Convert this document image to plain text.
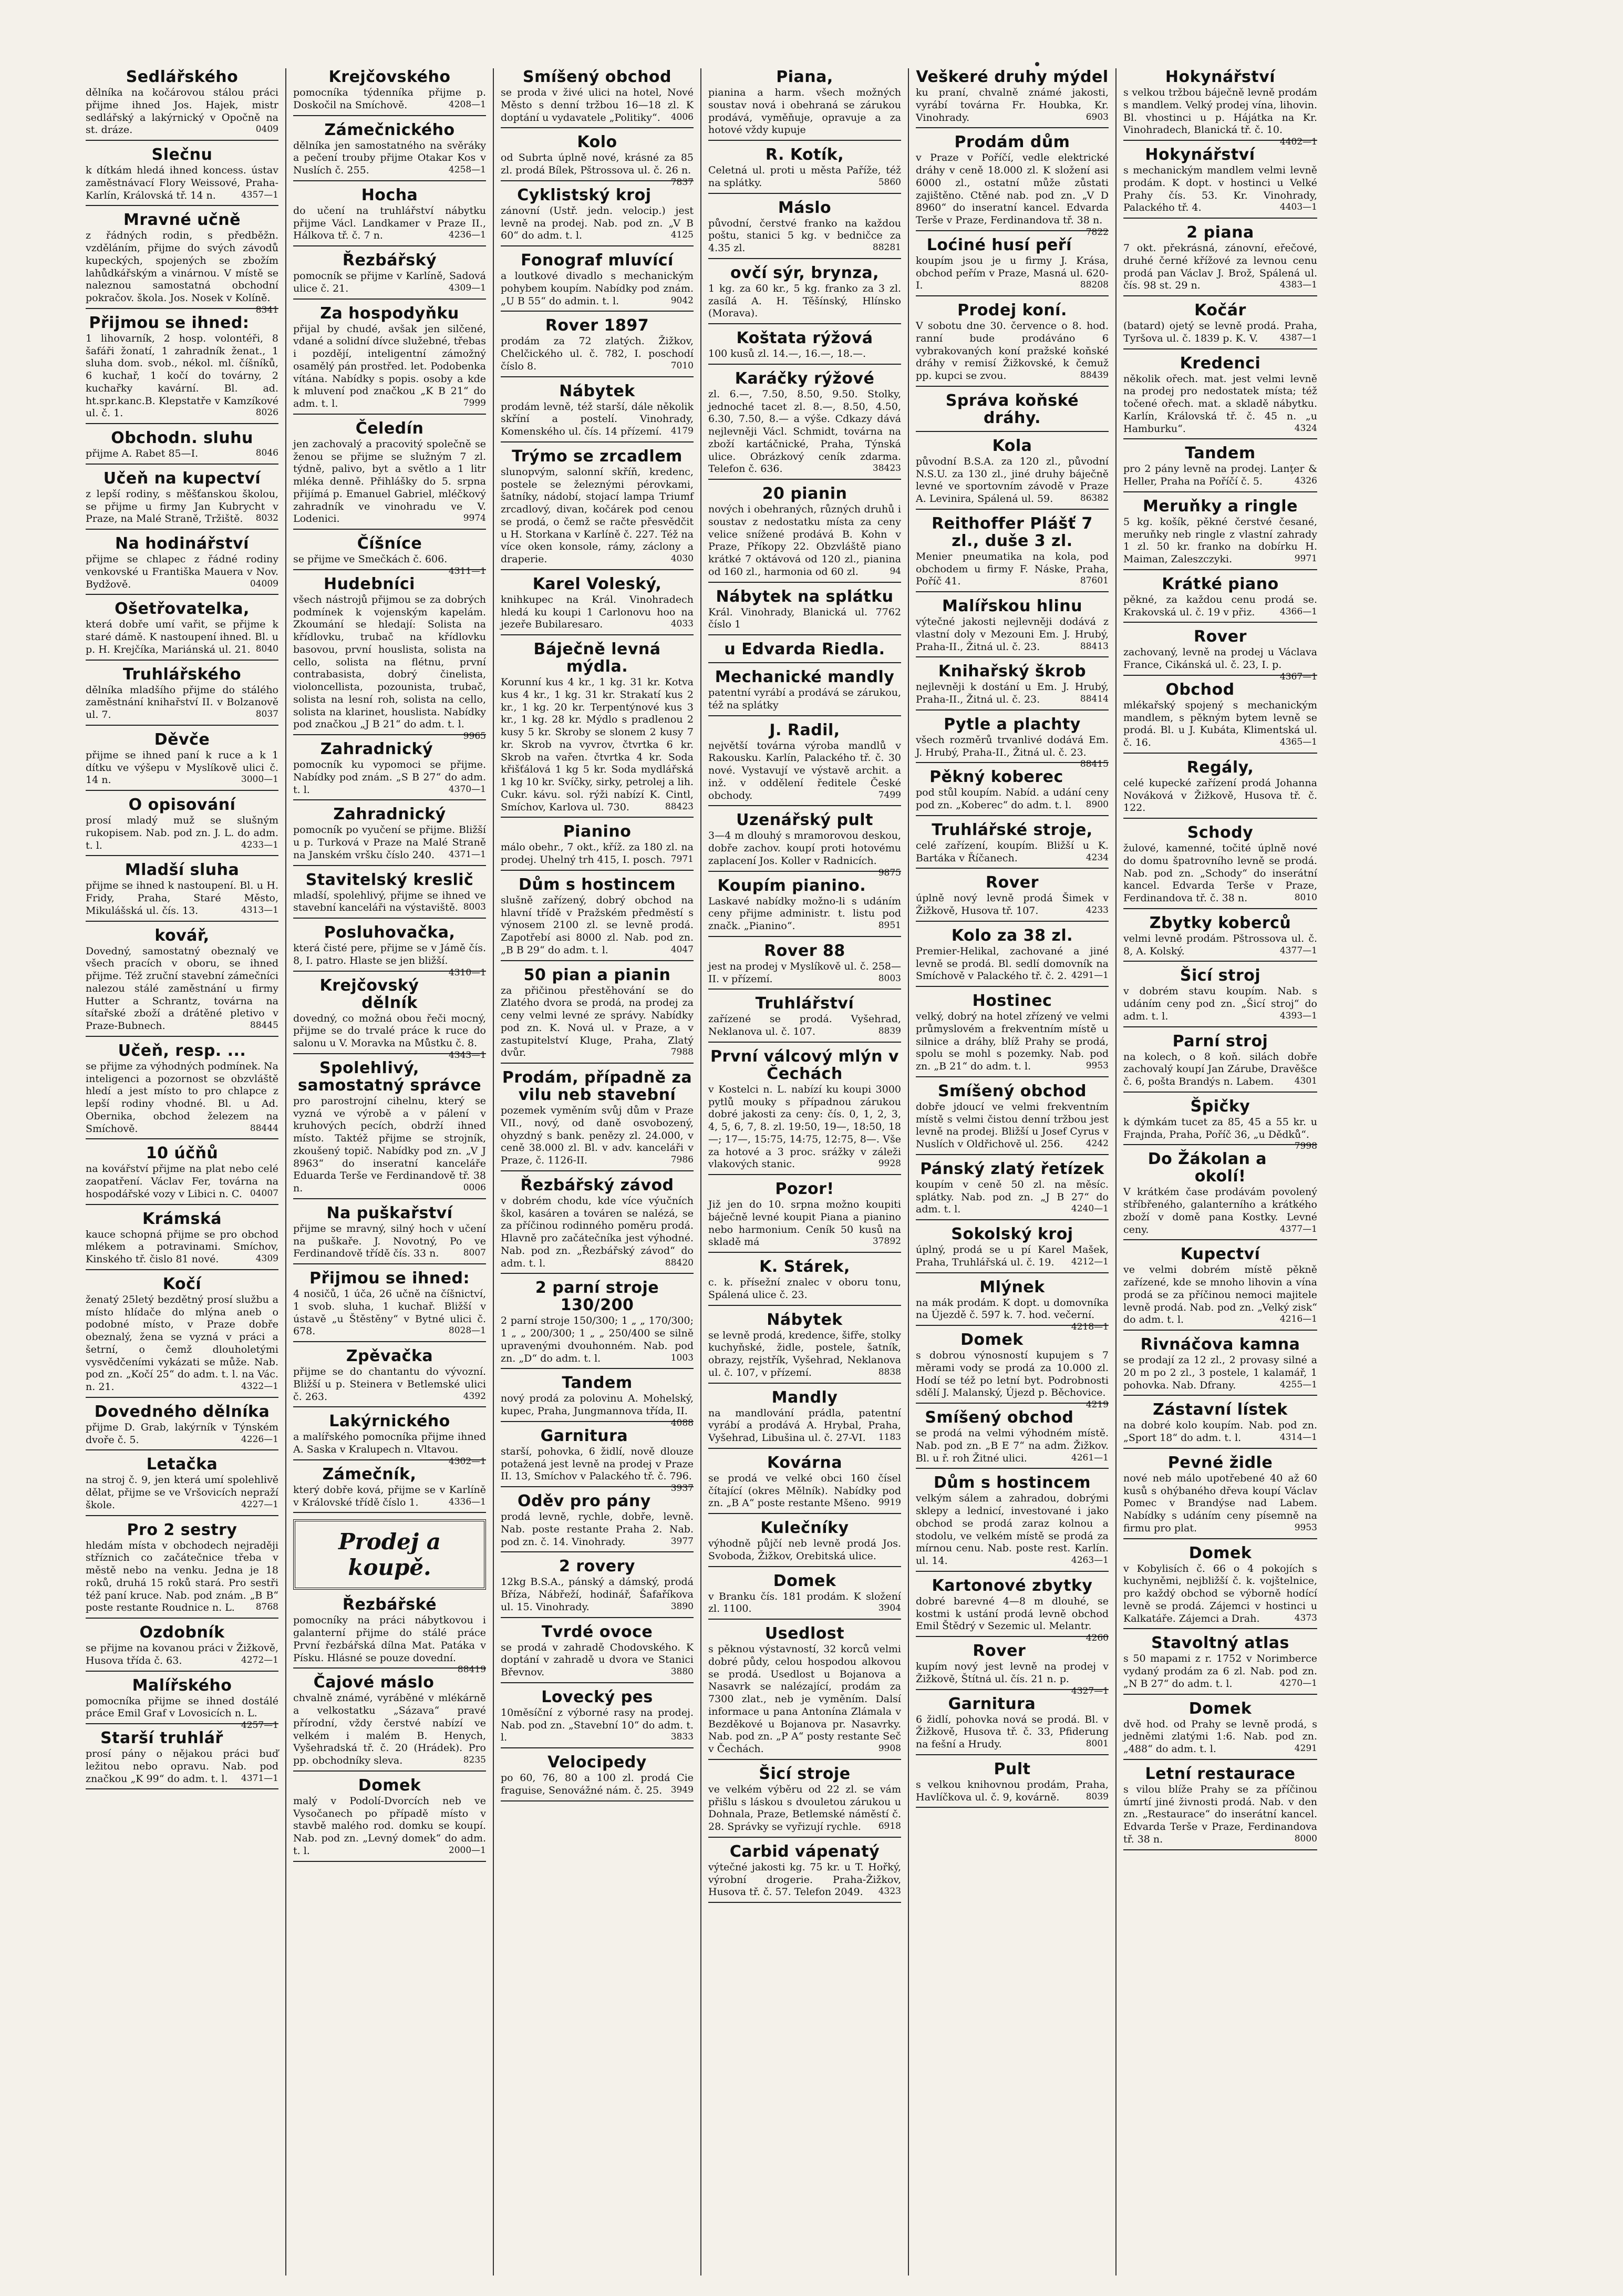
Sedlářského

dělníka na kočárovou stálou práci přijme ihned Jos. Hajek, mistr sedlářský a lakýrnický v Opočně na st. dráze.	0409

Slečnu

k dítkám hledá ihned koncess. ústav zaměstnávací Flory Weissové, Praha-Karlín, Královská tř. 14 n.	4357—1

Mravné učně

z řádných rodin, s předběžn. vzděláním, přijme do svých závodů kupeckých, spojených se zbožím lahůdkářským a vinárnou. V místě se naleznou samostatná obchodní pokračov. škola. Jos. Nosek v Kolíně.
8341

Přijmou se ihned:

1 lihovarník, 2 hosp. volontéři, 8 šafáři žonatí, 1 zahradník ženat., 1 sluha dom. svob., nékol. ml. číšníků, 6 kuchař, 1 kočí do továrny, 2 kuchařky kavární. Bl. ad. ht.spr.kanc.B. Klepstatře v Kamzíkové ul. č. 1.	8026

Obchodn. sluhu

přijme A. Rabet 85—I.	8046

Učeň na kupectví

z lepší rodiny, s měšťanskou školou, se přijme u firmy Jan Kubrycht v Praze, na Malé Straně, Tržiště. 8032

Na hodinářství

přijme se chlapec z řádné rodiny venkovské u Františka Mauera v Nov. Bydžově.	04009

Ošetřovatelka,

která dobře umí vařit, se přijme k staré dámě. K nastoupení ihned. Bl. u p. H. Krejčíka, Mariánská ul. 21. 8040

Truhlářského

dělníka mladšího přijme do stálého zaměstnání knihařství II. v Bolzanově ul. 7.	8037

Děvče

přijme se ihned paní k ruce a k 1 dítku ve výšepu v Myslíkově ulici č. 14 n.	3000—1

O opisování

prosí mladý muž se slušným rukopisem. Nab. pod zn. J. L. do adm. t. l.	4233—1

Mladší sluha

přijme se ihned k nastoupení. Bl. u H. Fridy, Praha, Staré Město, Mikulášská ul. čís. 13.	4313—1

kovář,

Dovedný, samostatný obeznalý ve všech pracích v oboru, se ihned přijme. Též zruční stavební zámečníci nalezou stálé zaměstnání u firmy Hutter a Schrantz, továrna na sítařské zboží a drátěné pletivo v Praze-Bubnech.	88445

Učeň, resp. ...

se přijme za výhodných podmínek. Na inteligenci a pozornost se obzvláště hledí a jest místo to pro chlapce z lepší rodiny vhodné. Bl. u Ad. Obernika, obchod železem na Smíchově.	88444

10 účňů

na kovářství přijme na plat nebo celé zaopatření. Václav Fer, továrna na hospodářské vozy v Libici n. C. 04007

Krámská

kauce schopná přijme se pro obchod mlékem a potravinami. Smíchov, Kinského tř. čislo 81 nové.	4309

Kočí

ženatý 25letý bezdětný prosí službu a místo hlídače do mlýna aneb o podobné místo, v Praze dobře obeznalý, žena se vyzná v práci a šetrní, o čemž dlouholetými vysvědčeními vykázati se může. Nab. pod zn. „Kočí 25“ do adm. t. l. na Vác. n. 21.	4322—1

Dovedného dělníka

přijme D. Grab, lakýrník v Týnském dvoře č. 5.	4226—1

Letačka

na stroj č. 9, jen která umí spolehlivě dělat, přijme se ve Vršovicích nepraží škole.	4227—1

Pro 2 sestry

hledám místa v obchodech nejraději stříznich co začátečnice třeba v městě nebo na venku. Jedna je 18 roků, druhá 15 roků stará. Pro sestři též paní kruce. Nab. pod znám. „B B“ poste restante Roudnice n. L. 8768

Ozdobník

se přijme na kovanou práci v Žižkově, Husova třída č. 63.	4272—1

Malířského

pomocníka přijme se ihned dostálé práce Emil Graf v Lovosicích n. L.
4257—1

Starší truhlář

prosí pány o nějakou práci buď ležitou nebo opravu. Nab. pod značkou „K 99“ do adm. t. l. 4371—1

Krejčovského

pomocníka týdenníka přijme p. Doskočil na Smíchově.	4208—1

Zámečnického

dělníka jen samostatného na svěráky a pečení trouby přijme Otakar Kos v Nuslích č. 255.	4258—1

Hocha

do učení na truhlářství nábytku přijme Václ. Landkamer v Praze II., Hálkova tř. č. 7 n.	4236—1

Řezbářský

pomocník se přijme v Karlíně, Sadová ulice č. 21.	4309—1

Za hospodyňku

přijal by chudé, avšak jen silčené, vdané a solidní dívce služebné, třebas i pozdějí, inteligentní zámožný osamělý pán prostřed. let. Podobenka vítána. Nabídky s popis. osoby a kde k mluvení pod značkou „K B 21“ do adm. t. l.	7999

Čeledín

jen zachovalý a pracovitý společně se ženou se přijme se služným 7 zl. týdně, palivo, byt a světlo a 1 litr mléka denně. Přihlášky do 5. srpna přijímá p. Emanuel Gabriel, mléčkový zahradník ve vinohradu ve V. Lodenici.	9974

Číšníce

se přijme ve Smečkách č. 606.
4311—1

Hudebníci

všech nástrojů přijmou se za dobrých podmínek k vojenským kapelám. Zkoumání se hledají: Solista na křídlovku, trubač na křídlovku basovou, první houslista, solista na cello, solista na flétnu, první contrabasista, dobrý činelista, violoncellista, pozounista, trubač, solista na lesní roh, solista na cello, solista na klarinet, houslista. Nabídky pod značkou „J B 21“ do adm. t. l.
9965

Zahradnický

pomocník ku vypomoci se přijme. Nabídky pod znám. „S B 27“ do adm. t. l.	4370—1

Zahradnický

pomocník po vyučení se přijme. Bližší u p. Turková v Praze na Malé Straně na Janském vršku číslo 240. 4371—1

Stavitelský kreslič

mladší, spolehlivý, přijme se ihned ve stavební kanceláři na výstaviště. 8003

Posluhovačka,

která čisté pere, přijme se v Jámě čís. 8, I. patro. Hlaste se jen bližší.
4310—1

Krejčovský dělník

dovedný, co možná obou řeči mocný, přijme se do trvalé práce k ruce do salonu u V. Moravka na Můstku č. 8.
4343—1

Spolehlivý, samostatný správce

pro parostrojní cihelnu, který se vyzná ve výrobě a v pálení v kruhových pecích, obdrží ihned místo. Taktéž přijme se strojník, zkoušený topič. Nabídky pod zn. „V J 8963“ do inseratní kanceláře Eduarda Terše ve Ferdinandově tř. 38 n.	0006

Na puškařství

přijme se mravný, silný hoch v učení na puškaře. J. Novotný, Po ve Ferdinandově třídě čís. 33 n.	8007

Přijmou se ihned:

4 nosičů, 1 úča, 26 učně na číšnictví, 1 svob. sluha, 1 kuchař. Bližší v ústavě „u Štěstěny“ v Bytné ulici č. 678.	8028—1

Zpěvačka

přijme se do chantantu do vývozní. Bližší u p. Steinera v Betlemské ulici č. 263.	4392

Lakýrnického

a malířského pomocníka přijme ihned A. Saska v Kralupech n. Vltavou.
4302—1

Zámečník,

který dobře ková, přijme se v Karlíně v Královské třídě číslo 1.	4336—1

Prodej a koupě.
Řezbářské

pomocníky na práci nábytkovou i galanterní přijme do stálé práce První řezbářská dílna Mat. Patáka v Písku. Hlásné se pouze dovední.
88419

Čajové máslo

chvalně známé, vyráběné v mlékárně a velkostatku „Sázava“ pravé přírodní, vždy čerstvé nabízí ve velkém i malém B. Henych, Vyšehradská tř. č. 20 (Hrádek). Pro pp. obchodníky sleva.	8235

Domek

malý v Podolí-Dvorcích neb ve Vysočanech po případě místo v stavbě malého rod. domku se koupí. Nab. pod zn. „Levný domek“ do adm. t. l.	2000—1

Smíšený obchod

se proda v živé ulici na hotel, Nové Město s denní tržbou 16—18 zl. K doptání u vydavatele „Politiky“. 4006

Kolo

od Subrta úplně nové, krásné za 85 zl. prodá Bílek, Pštrossova ul. č. 26 n.
7837

Cyklistský kroj

zánovní (Ustř. jedn. velocip.) jest levně na prodej. Nab. pod zn. „V B 60“ do adm. t. l.	4125

Fonograf mluvící

a loutkové divadlo s mechanickým pohybem koupím. Nabídky pod znám. „U B 55“ do admin. t. l.	9042

Rover 1897

prodám za 72 zlatých. Žižkov, Chelčického ul. č. 782, I. poschodí číslo 8.	7010

Nábytek

prodám levně, též starší, dále několik skříní a postelí. Vinohrady, Komenského ul. čís. 14 přízemí. 4179

Trýmo se zrcadlem

slunopvým, salonní skříň, kredenc, postele se železnými pérovkami, šatníky, nádobí, stojací lampa Triumf zrcadlový, divan, kočárek pod cenou se prodá, o čemž se račte přesvědčit u H. Storkana v Karlíně č. 227. Též na více oken konsole, rámy, záclony a draperie.	4030

Karel Voleský,

knihkupec na Král. Vinohradech hledá ku koupi 1 Carlonovu hoo na jezeře Bubilaresaro.	4033

Báječně levná mýdla.

Korunní kus 4 kr., 1 kg. 31 kr. Kotva kus 4 kr., 1 kg. 31 kr. Strakatí kus 2 kr., 1 kg. 20 kr. Terpentýnové kus 3 kr., 1 kg. 28 kr. Mýdlo s pradlenou 2 kusy 5 kr. Skroby se slonem 2 kusy 7 kr. Skrob na vyvrov, čtvrtka 6 kr. Skrob na vařen. čtvrtka 4 kr. Soda křišťálová 1 kg 5 kr. Soda mydlářská 1 kg 10 kr. Svíčky, sirky, petrolej a lih. Cukr. kávu. sol. rýži nabízí K. Cintl, Smíchov, Karlova ul. 730.	88423

Pianino

málo obehr., 7 okt., kříž. za 180 zl. na prodej. Uhelný trh 415, I. posch. 7971

Dům s hostincem

slušně zařízený, dobrý obchod na hlavní třídě v Pražském předměstí s výnosem 2100 zl. se levně prodá. Zapotřebí asi 8000 zl. Nab. pod zn. „B B 29“ do adm. t. l.	4047

50 pian a pianin

za přičinou přestěhování se do Zlatého dvora se prodá, na prodej za ceny velmi levné ze správy. Nabídky pod zn. K. Nová ul. v Praze, a v zastupitelství Kluge, Praha, Zlatý dvůr.	7988

Prodám, případně za vilu neb stavební

pozemek vyměním svůj dům v Praze VII., nový, od daně osvobozený, ohyzdný s bank. penězy zl. 24.000, v ceně 38.000 zl. Bl. v adv. kanceláři v Praze, č. 1126-II.	7986

Řezbářský závod

v dobrém chodu, kde více výučních škol, kasáren a továren se nalézá, se za příčinou rodinného poměru prodá. Hlavně pro začátečníka jest výhodné. Nab. pod zn. „Řezbářský závod“ do adm. t. l.	88420

2 parní stroje 130/200

2 parní stroje 150/300; 1 „ „ 170/300; 1 „ „ 200/300; 1 „ „ 250/400 se silně upravenými dvouhonném. Nab. pod zn. „D“ do adm. t. l.	1003

Tandem

nový prodá za polovinu A. Mohelský, kupec, Praha, Jungmannova třída, II.
4088

Garnitura

starší, pohovka, 6 židlí, nově dlouze potažená jest levně na prodej v Praze II. 13, Smíchov v Palackého tř. č. 796.
3937

Oděv pro pány

prodá levně, rychle, dobře, levně. Nab. poste restante Praha 2. Nab. pod zn. č. 14. Vinohrady.	3977

2 rovery

12kg B.S.A., pánský a dámský, prodá Bříza, Nábřeží, hodinář, Šafaříkova ul. 15. Vinohrady.	3890

Tvrdé ovoce

se prodá v zahradě Chodovského. K doptání v zahradě u dvora ve Stanici Břevnov.	3880

Lovecký pes

10měsíční z výborné rasy na prodej. Nab. pod zn. „Stavební 10“ do adm. t. l.	3833

Velocipedy

po 60, 76, 80 a 100 zl. prodá Cie fraguise, Senovážné nám. č. 25. 3949

Piana,

pianina a harm. všech možných soustav nová i obehraná se zárukou prodává, vyměňuje, opravuje a za hotové vždy kupuje

R. Kotík,

Celetná ul. proti u města Paříže, též na splátky.	5860

Máslo

původní, čerstvé franko na každou poštu, stanici 5 kg. v bedničce za 4.35 zl.	88281

ovčí sýr, brynza,

1 kg. za 60 kr., 5 kg. franko za 3 zl. zasílá A. H. Těšínský, Hlínsko (Morava).

Koštata rýžová

100 kusů zl. 14.—, 16.—, 18.—.

Karáčky rýžové

zl. 6.—, 7.50, 8.50, 9.50. Stolky, jednoché tacet zl. 8.—, 8.50, 4.50, 6.30, 7.50, 8.— a výše. Cdkazy dává nejlevněji Václ. Schmidt, továrna na zboží kartáčnické, Praha, Týnská ulice. Obrázkový ceník zdarma. Telefon č. 636.	38423

20 pianin

nových i obehraných, různých druhů i soustav z nedostatku místa za ceny velice snížené prodává B. Kohn v Praze, Příkopy 22. Obzvláště piano krátké 7 oktávová od 120 zl., pianina od 160 zl., harmonia od 60 zl.	94

Nábytek na splátku

Král. Vinohrady, Blanická ul. 7762 číslo 1

u Edvarda Riedla.

Mechanické mandly

patentní vyrábí a prodává se zárukou, též na splátky

J. Radil,

největší továrna výroba mandlů v Rakousku. Karlín, Palackého tř. č. 30 nové. Vystavují ve výstavě archit. a inž. v oddělení ředitele České obchody.	7499

Uzenářský pult

3—4 m dlouhý s mramorovou deskou, dobře zachov. koupí proti hotovému zaplacení Jos. Koller v Radnicích.
9875

Koupím pianino.

Laskavé nabídky možno-li s udáním ceny přijme administr. t. listu pod značk. „Pianino“.	8951

Rover 88

jest na prodej v Myslíkově ul. č. 258—II. v přízemí.	8003

Truhlářství

zařízené se prodá. Vyšehrad, Neklanova ul. č. 107.	8839

První válcový mlýn v Čechách

v Kostelci n. L. nabízí ku koupi 3000 pytlů mouky s případnou zárukou dobré jakosti za ceny: čís. 0, 1, 2, 3, 4, 5, 6, 7, 8. zl. 19:50, 19—, 18:50, 18—; 17—, 15:75, 14:75, 12:75, 8—. Vše za hotové a 3 proc. srážky v záleži vlakových stanic.	9928

Pozor!

Již jen do 10. srpna možno koupiti báječně levné koupit Piana a pianino nebo harmonium. Ceník 50 kusů na skladě má	37892

K. Stárek,

c. k. přísežní znalec v oboru tonu, Spálená ulice č. 23.

Nábytek

se levně prodá, kredence, šifře, stolky kuchyňské, židle, postele, šatník, obrazy, rejstřík, Vyšehrad, Neklanova ul. č. 107, v přízemí.	8838

Mandly

na mandlování prádla, patentní vyrábí a prodává A. Hrybal, Praha, Vyšehrad, Libušina ul. č. 27-VI. 1183

Kovárna

se prodá ve velké obci 160 čísel čítající (okres Mělník). Nabídky pod zn. „B A“ poste restante Mšeno. 9919

Kulečníky

výhodně půjčí neb levně prodá Jos. Svoboda, Žižkov, Orebitská ulice.

Domek

v Branku čís. 181 prodám. K složení zl. 1100.	3904

Usedlost

s pěknou výstavností, 32 korců velmi dobré půdy, celou hospodou alkovou se prodá. Usedlost u Bojanova a Nasavrk se nalézající, prodám za 7300 zlat., neb je vyměním. Dalsí informace u pana Antonína Zlámala v Bezděkové u Bojanova pr. Nasavrky. Nab. pod zn. „P A“ posty restante Seč v Čechách.	9908

Šicí stroje

ve velkém výběru od 22 zl. se vám přišlu s láskou s dvouletou zárukou u Dohnala, Praze, Betlemské náměstí č. 28. Správky se vyřizují rychle. 6918

Carbid vápenatý

výtečné jakosti kg. 75 kr. u T. Hořký, výrobní drogerie. Praha-Žižkov, Husova tř. č. 57. Telefon 2049. 4323

Veškeré druhy mýdel

ku praní, chvalně známé jakosti, vyrábí továrna Fr. Houbka, Kr. Vinohrady.	6903

Prodám dům

v Praze v Poříčí, vedle elektrické dráhy v ceně 18.000 zl. K složení asi 6000 zl., ostatní může zůstati zajištěno. Ctěné nab. pod zn. „V D 8960“ do inseratní kancel. Edvarda Terše v Praze, Ferdinandova tř. 38 n.
7822

Loćiné husí peří

koupím jsou je u firmy J. Krása, obchod peřím v Praze, Masná ul. 620-I.	88208

Prodej koní.

V sobotu dne 30. července o 8. hod. ranní bude prodáváno 6 vybrakovaných koní pražské koňské dráhy v remisí Žižkovské, k čemuž pp. kupci se zvou.	88439

Správa koňské dráhy.

Kola

původní B.S.A. za 120 zl., původní N.S.U. za 130 zl., jiné druhy báječně levné ve sportovním závodě v Praze A. Levinira, Spálená ul. 59.	86382

Reithoffer Plášť 7 zl., duše 3 zl.

Menier pneumatika na kola, pod obchodem u firmy F. Náske, Praha, Poříč 41.	87601

Malířskou hlinu

výtečné jakosti nejlevněji dodává z vlastní doly v Mezouni Em. J. Hrubý, Praha-II., Žitná ul. č. 23.	88413

Knihařský škrob

nejlevněji k dostání u Em. J. Hrubý, Praha-II., Žitná ul. č. 23.	88414

Pytle a plachty

všech rozměrů trvanlivé dodává Em. J. Hrubý, Praha-II., Žitná ul. č. 23.
88415

Pěkný koberec

pod stůl koupím. Nabíd. a udání ceny pod zn. „Koberec“ do adm. t. l. 8900

Truhlářské stroje,

celé zařízení, koupím. Bližší u K. Bartáka v Říčanech.	4234

Rover

úplně nový levně prodá Šimek v Žižkově, Husova tř. 107.	4233

Kolo za 38 zl.

Premier-Helikal, zachované a jiné levně se prodá. Bl. sedlí domovník na Smíchově v Palackého tř. č. 2. 4291—1

Hostinec

velký, dobrý na hotel zřízený ve velmi průmyslovém a frekventním místě u silnice a dráhy, blíž Prahy se prodá, spolu se mohl s pozemky. Nab. pod zn. „B 21“ do adm. t. l.	9953

Smíšený obchod

dobře jdoucí ve velmi frekventním místě s velmi čistou denní tržbou jest levně na prodej. Bližší u Josef Cyrus v Nuslích v Oldřichově ul. 256.	4242

Pánský zlatý řetízek

koupím v ceně 50 zl. na měsíc. splátky. Nab. pod zn. „J B 27“ do adm. t. l.	4240—1

Sokolský kroj

úplný, prodá se u pí Karel Mašek, Praha, Truhlářská ul. č. 19. 4212—1

Mlýnek

na mák prodám. K dopt. u domovníka na Újezdě č. 597 k. 7. hod. večerní.
4218—1

Domek

s dobrou výnosností kupujem s 7 měrami vody se prodá za 10.000 zl. Hodí se též po letní byt. Podrobnosti sdělí J. Malanský, Újezd p. Běchovice.
4219

Smíšený obchod

se prodá na velmi výhodném místě. Nab. pod zn. „B E 7“ na adm. Žižkov. Bl. u ř. roh Žitné ulici.	4261—1

Dům s hostincem

velkým sálem a zahradou, dobrými sklepy a lednicí, investované i jako obchod se prodá zaraz kolnou a stodolu, ve velkém místě se prodá za mírnou cenu. Nab. poste rest. Karlín. ul. 14.	4263—1

Kartonové zbytky

dobré barevné 4—8 m dlouhé, se kostmi k ustání prodá levně obchod Emil Štědrý v Sezemic ul. Melantr.
4260

Rover

kupím nový jest levně na prodej v Žižkově, Štítná ul. čís. 21 n. p.
4327—1

Garnitura

6 židlí, pohovka nová se prodá. Bl. v Žižkově, Husova tř. č. 33, Pfiderung na fešní a Hrudy.	8001

Pult

s velkou knihovnou prodám, Praha, Havlíčkova ul. č. 9, kovárně.	8039

Hokynářství

s velkou tržbou báječně levně prodám s mandlem. Velký prodej vína, lihovin. Bl. vhostinci u p. Hájátka na Kr. Vinohradech, Blanická tř. č. 10.
4402—1

Hokynářství

s mechanickým mandlem velmi levně prodám. K dopt. v hostinci u Velké Prahy čís. 53. Kr. Vinohrady, Palackého tř. 4.	4403—1

2 piana

7 okt. překrásná, zánovní, eřečové, druhé černé křížové za levnou cenu prodá pan Václav J. Brož, Spálená ul. čís. 98 st. 29 n.	4383—1

Kočár

(batard) ojetý se levně prodá. Praha, Tyršova ul. č. 1839 p. K. V. 4387—1

Kredenci

několik ořech. mat. jest velmi levně na prodej pro nedostatek místa; též točené ořech. mat. a skladě nábytku. Karlín, Královská tř. č. 45 n. „u Hamburku“.	4324

Tandem

pro 2 pány levně na prodej. Lanţer & Heller, Praha na Poříčí č. 5.	4326

Meruňky a ringle

5 kg. košík, pěkné čerstvé česané, meruňky neb ringle z vlastní zahrady 1 zl. 50 kr. franko na dobírku H. Maiman, Zaleszczyki.	9971

Krátké piano

pěkné, za každou cenu prodá se. Krakovská ul. č. 19 v přiz.	4366—1

Rover

zachovaný, levně na prodej u Václava France, Cikánská ul. č. 23, I. p.
4367—1

Obchod

mlékařský spojený s mechanickým mandlem, s pěkným bytem levně se prodá. Bl. u J. Kubáta, Klimentská ul. č. 16.	4365—1

Regály,

celé kupecké zařízení prodá Johanna Nováková v Žižkově, Husova tř. č. 122.

Schody

žulové, kamenné, točité úplně nové do domu špatrovního levně se prodá. Nab. pod zn. „Schody“ do inserátní kancel. Edvarda Terše v Praze, Ferdinandova tř. č. 38 n.	8010

Zbytky koberců

velmi levně prodám. Pštrossova ul. č. 8, A. Kolský.	4377—1

Šicí stroj

v dobrém stavu koupím. Nab. s udáním ceny pod zn. „Šicí stroj“ do adm. t. l.	4393—1

Parní stroj

na kolech, o 8 koň. silách dobře zachovalý koupí Jan Zárube, Dravěšce č. 6, pošta Brandýs n. Labem. 4301

Špičky

k dýmkám tucet za 85, 45 a 55 kr. u Frajnda, Praha, Poříč 36, „u Dědků“.
7998

Do Žákolan a okolí!

V krátkém čase prodávám povolený stříbřeného, galanterního a krátkého zboží v domě pana Kostky. Levné ceny.	4377—1

Kupectví

ve velmi dobrém místě pěkně zařízené, kde se mnoho lihovin a vína prodá se za příčinou nemoci majitele levně prodá. Nab. pod zn. „Velký zisk“ do adm. t. l.	4216—1

Rivnáčova kamna

se prodají za 12 zl., 2 provasy silné a 20 m po 2 zl., 3 postele, 1 kalamář, 1 pohovka. Nab. Dfrany.	4255—1

Zástavní lístek

na dobré kolo koupím. Nab. pod zn. „Sport 18“ do adm. t. l.	4314—1

Pevné židle

nové neb málo upotřebené 40 až 60 kusů s ohýbaného dřeva koupí Václav Pomec v Brandýse nad Labem. Nabídky s udáním ceny písemně na firmu pro plat.	9953

Domek

v Kobylisích č. 66 o 4 pokojích s kuchyněmi, nejbližší č. k. vojštelnice, pro každý obchod se výborně hodící levně se prodá. Zájemci v hostinci u Kalkatáře. Zájemci a Drah.	4373

Stavoltný atlas

s 50 mapami z r. 1752 v Norimberce vydaný prodám za 6 zl. Nab. pod zn. „N B 27“ do adm. t. l.	4270—1

Domek

dvě hod. od Prahy se levně prodá, s jedněmi zlatými 1:6. Nab. pod zn. „488“ do adm. t. l.	4291

Letní restaurace

s vilou blíže Prahy se za příčinou úmrtí jiné živnosti prodá. Nab. v den zn. „Restaurace“ do inserátní kancel. Edvarda Terše v Praze, Ferdinandova tř. 38 n.	8000
